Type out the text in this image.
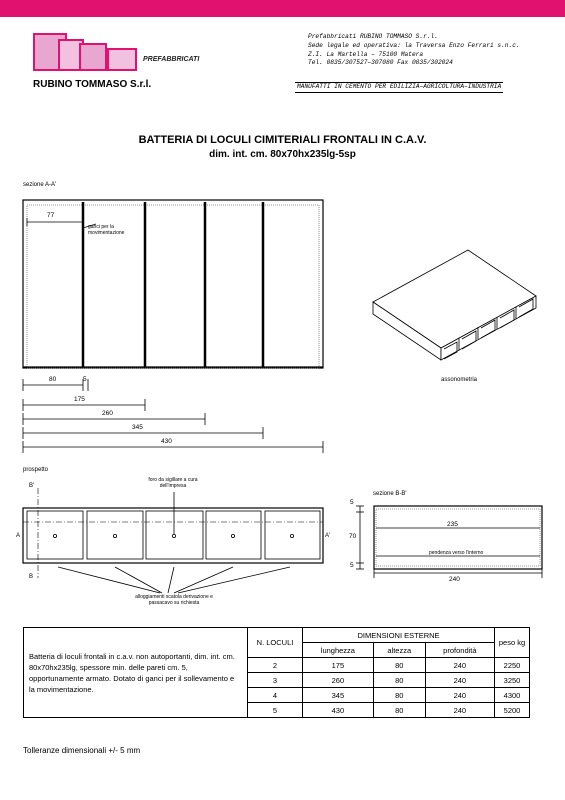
PREFABBRICATI
RUBINO TOMMASO S.r.l.
Prefabbricati RUBINO TOMMASO S.r.l.
Sede legale ed operativa: la Traversa Enzo Ferrari s.n.c.
Z.I. La Martella – 75100 Matera
Tel. 0835/307527–307080 Fax 0835/302024
MANUFATTI IN CEMENTO PER EDILIZIA–AGRICOLTURA–INDUSTRIA
BATTERIA DI LOCULI CIMITERIALI FRONTALI IN C.A.V.
dim. int. cm. 80x70hx235lg-5sp
sezione A-A'
77
ganci per la movimentazione
80	5
175
260
345
430
assonometria
prospetto
foro da sigillare a cura dell'impresa
B'
A	A'
B
alloggiamenti scatola derivazione e passacavo su richiesta
sezione B-B'
235
70
5
5
pendenza verso l'interno
240
Batteria di loculi frontali in c.a.v. non autoportanti, dim. int. cm. 80x70hx235lg, spessore min. delle pareti cm. 5, opportunamente armato. Dotato di ganci per il sollevamento e la movimentazione.	N. LOCULI	DIMENSIONI ESTERNE			peso kg
		lunghezza	altezza	profondità	
	2	175	80	240	2250
	3	260	80	240	3250
	4	345	80	240	4300
	5	430	80	240	5200
Tolleranze dimensionali +/- 5 mm
